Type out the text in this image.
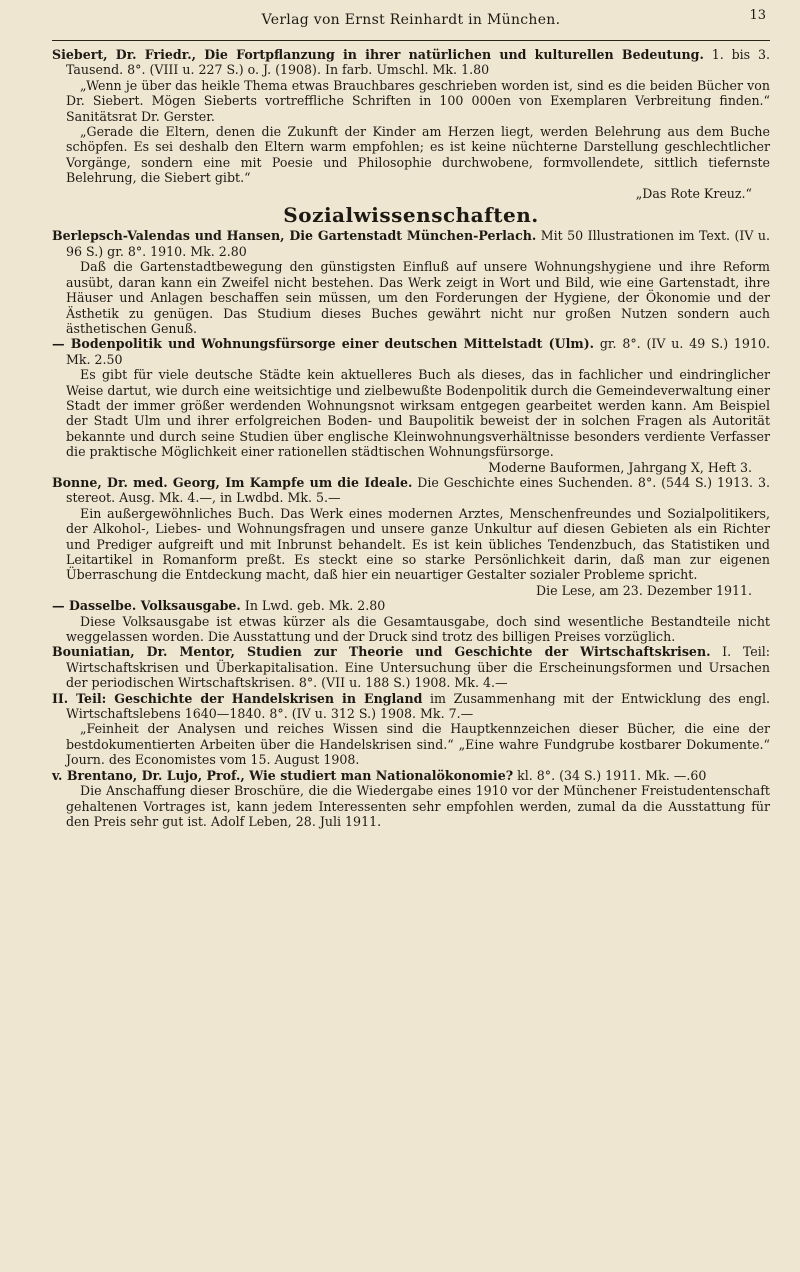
Verlag von Ernst Reinhardt in München.	13

Siebert, Dr. Friedr., Die Fortpflanzung in ihrer natürlichen und kulturellen Bedeutung. 1. bis 3. Tausend. 8°. (VIII u. 227 S.) o. J. (1908). In farb. Umschl. Mk. 1.80

„Wenn je über das heikle Thema etwas Brauchbares geschrieben worden ist, sind es die beiden Bücher von Dr. Siebert. Mögen Sieberts vortreffliche Schriften in 100 000en von Exemplaren Verbreitung finden.“ Sanitätsrat Dr. Gerster.

„Gerade die Eltern, denen die Zukunft der Kinder am Herzen liegt, werden Belehrung aus dem Buche schöpfen. Es sei deshalb den Eltern warm empfohlen; es ist keine nüchterne Darstellung geschlechtlicher Vorgänge, sondern eine mit Poesie und Philosophie durchwobene, formvollendete, sittlich tiefernste Belehrung, die Siebert gibt.“

„Das Rote Kreuz.“

Sozialwissenschaften.

Berlepsch-Valendas und Hansen, Die Gartenstadt München-Perlach. Mit 50 Illustrationen im Text. (IV u. 96 S.) gr. 8°. 1910. Mk. 2.80

Daß die Gartenstadtbewegung den günstigsten Einfluß auf unsere Wohnungshygiene und ihre Reform ausübt, daran kann ein Zweifel nicht bestehen. Das Werk zeigt in Wort und Bild, wie eine Gartenstadt, ihre Häuser und Anlagen beschaffen sein müssen, um den Forderungen der Hygiene, der Ökonomie und der Ästhetik zu genügen. Das Studium dieses Buches gewährt nicht nur großen Nutzen sondern auch ästhetischen Genuß.

— Bodenpolitik und Wohnungsfürsorge einer deutschen Mittelstadt (Ulm). gr. 8°. (IV u. 49 S.) 1910. Mk. 2.50

Es gibt für viele deutsche Städte kein aktuelleres Buch als dieses, das in fachlicher und eindringlicher Weise dartut, wie durch eine weitsichtige und zielbewußte Bodenpolitik durch die Gemeindeverwaltung einer Stadt der immer größer werdenden Wohnungsnot wirksam entgegen gearbeitet werden kann. Am Beispiel der Stadt Ulm und ihrer erfolgreichen Boden- und Baupolitik beweist der in solchen Fragen als Autorität bekannte und durch seine Studien über englische Kleinwohnungsverhältnisse besonders verdiente Verfasser die praktische Möglichkeit einer rationellen städtischen Wohnungsfürsorge.

Moderne Bauformen, Jahrgang X, Heft 3.

Bonne, Dr. med. Georg, Im Kampfe um die Ideale. Die Geschichte eines Suchenden. 8°. (544 S.) 1913. 3. stereot. Ausg. Mk. 4.—, in Lwdbd. Mk. 5.—

Ein außergewöhnliches Buch. Das Werk eines modernen Arztes, Menschenfreundes und Sozialpolitikers, der Alkohol-, Liebes- und Wohnungsfragen und unsere ganze Unkultur auf diesen Gebieten als ein Richter und Prediger aufgreift und mit Inbrunst behandelt. Es ist kein übliches Tendenzbuch, das Statistiken und Leitartikel in Romanform preßt. Es steckt eine so starke Persönlichkeit darin, daß man zur eigenen Überraschung die Entdeckung macht, daß hier ein neuartiger Gestalter sozialer Probleme spricht.

Die Lese, am 23. Dezember 1911.

— Dasselbe. Volksausgabe. In Lwd. geb. Mk. 2.80

Diese Volksausgabe ist etwas kürzer als die Gesamtausgabe, doch sind wesentliche Bestandteile nicht weggelassen worden. Die Ausstattung und der Druck sind trotz des billigen Preises vorzüglich.

Bouniatian, Dr. Mentor, Studien zur Theorie und Geschichte der Wirtschaftskrisen. I. Teil: Wirtschaftskrisen und Überkapitalisation. Eine Untersuchung über die Erscheinungsformen und Ursachen der periodischen Wirtschaftskrisen. 8°. (VII u. 188 S.) 1908. Mk. 4.—

II. Teil: Geschichte der Handelskrisen in England im Zusammenhang mit der Entwicklung des engl. Wirtschaftslebens 1640—1840. 8°. (IV u. 312 S.) 1908. Mk. 7.—

„Feinheit der Analysen und reiches Wissen sind die Hauptkennzeichen dieser Bücher, die eine der bestdokumentierten Arbeiten über die Handelskrisen sind.“ „Eine wahre Fundgrube kostbarer Dokumente.“ Journ. des Economistes vom 15. August 1908.

v. Brentano, Dr. Lujo, Prof., Wie studiert man Nationalökonomie? kl. 8°. (34 S.) 1911. Mk. —.60

Die Anschaffung dieser Broschüre, die die Wiedergabe eines 1910 vor der Münchener Freistudentenschaft gehaltenen Vortrages ist, kann jedem Interessenten sehr empfohlen werden, zumal da die Ausstattung für den Preis sehr gut ist. Adolf Leben, 28. Juli 1911.
